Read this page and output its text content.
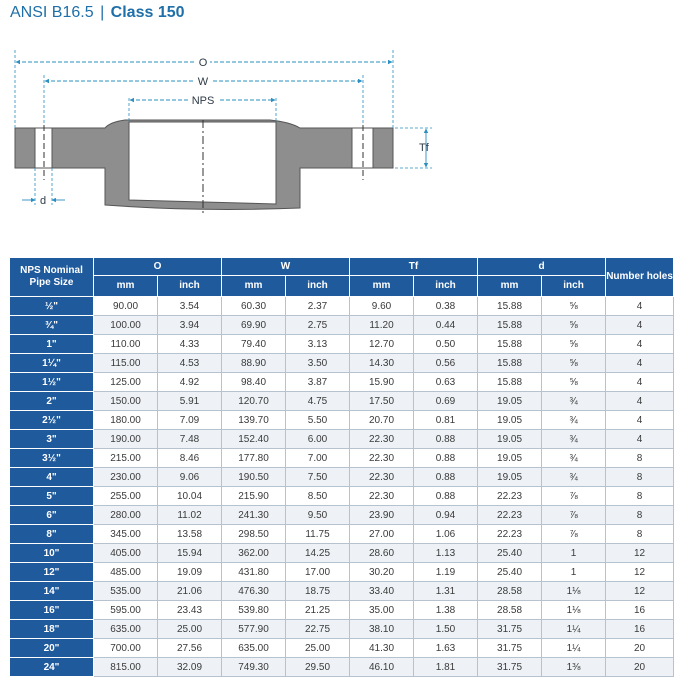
ANSI B16.5 | Class 150
O
W
NPS
Tf
d
NPS Nominal Pipe Size	O		W		Tf		d		Number holes
	mm	inch	mm	inch	mm	inch	mm	inch	
½"	90.00	3.54	60.30	2.37	9.60	0.38	15.88	⅝	4
¾"	100.00	3.94	69.90	2.75	11.20	0.44	15.88	⅝	4
1"	110.00	4.33	79.40	3.13	12.70	0.50	15.88	⅝	4
1¼"	115.00	4.53	88.90	3.50	14.30	0.56	15.88	⅝	4
1½"	125.00	4.92	98.40	3.87	15.90	0.63	15.88	⅝	4
2"	150.00	5.91	120.70	4.75	17.50	0.69	19.05	¾	4
2½"	180.00	7.09	139.70	5.50	20.70	0.81	19.05	¾	4
3"	190.00	7.48	152.40	6.00	22.30	0.88	19.05	¾	4
3½"	215.00	8.46	177.80	7.00	22.30	0.88	19.05	¾	8
4"	230.00	9.06	190.50	7.50	22.30	0.88	19.05	¾	8
5"	255.00	10.04	215.90	8.50	22.30	0.88	22.23	⅞	8
6"	280.00	11.02	241.30	9.50	23.90	0.94	22.23	⅞	8
8"	345.00	13.58	298.50	11.75	27.00	1.06	22.23	⅞	8
10"	405.00	15.94	362.00	14.25	28.60	1.13	25.40	1	12
12"	485.00	19.09	431.80	17.00	30.20	1.19	25.40	1	12
14"	535.00	21.06	476.30	18.75	33.40	1.31	28.58	1⅛	12
16"	595.00	23.43	539.80	21.25	35.00	1.38	28.58	1⅛	16
18"	635.00	25.00	577.90	22.75	38.10	1.50	31.75	1¼	16
20"	700.00	27.56	635.00	25.00	41.30	1.63	31.75	1¼	20
24"	815.00	32.09	749.30	29.50	46.10	1.81	31.75	1⅜	20
